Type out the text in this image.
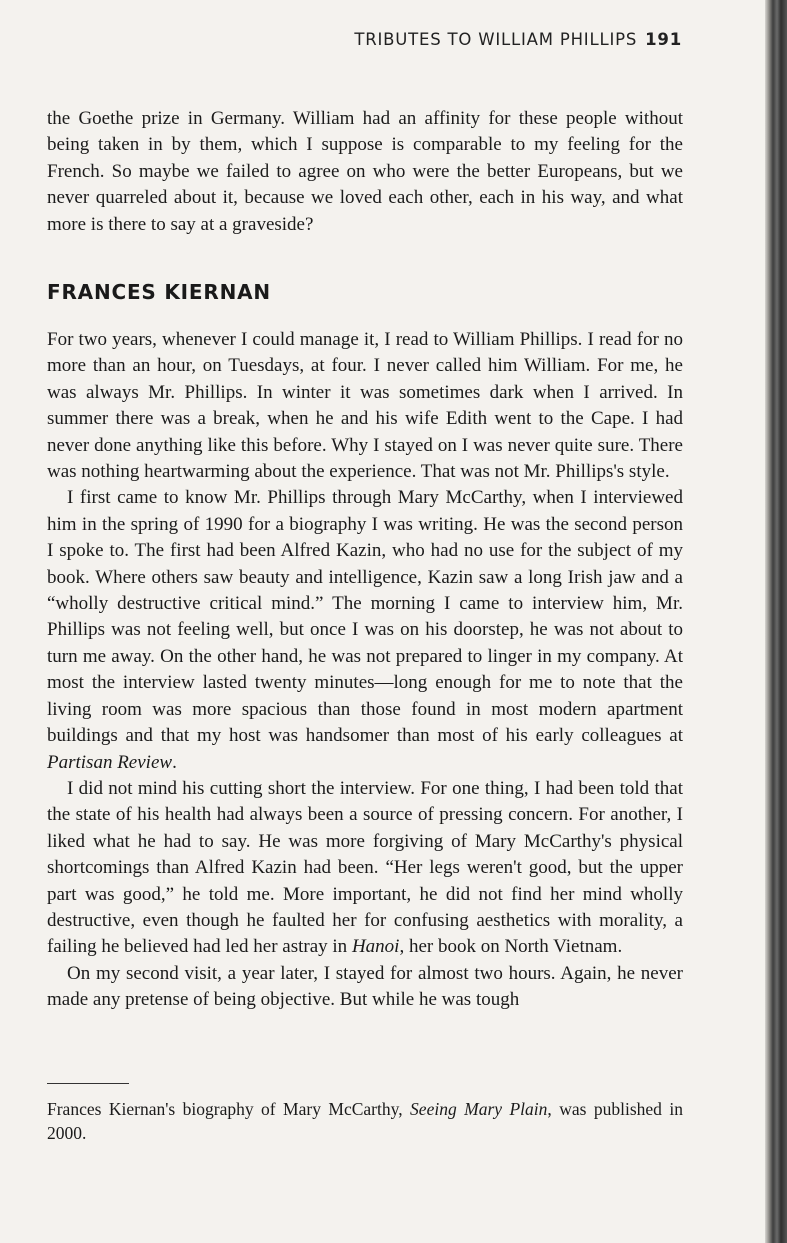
TRIBUTES TO WILLIAM PHILLIPS 191

the Goethe prize in Germany. William had an affinity for these people without being taken in by them, which I suppose is comparable to my feeling for the French. So maybe we failed to agree on who were the better Europeans, but we never quarreled about it, because we loved each other, each in his way, and what more is there to say at a graveside?

FRANCES KIERNAN

For two years, whenever I could manage it, I read to William Phillips. I read for no more than an hour, on Tuesdays, at four. I never called him William. For me, he was always Mr. Phillips. In winter it was sometimes dark when I arrived. In summer there was a break, when he and his wife Edith went to the Cape. I had never done anything like this before. Why I stayed on I was never quite sure. There was nothing heartwarming about the experience. That was not Mr. Phillips's style.

I first came to know Mr. Phillips through Mary McCarthy, when I interviewed him in the spring of 1990 for a biography I was writing. He was the second person I spoke to. The first had been Alfred Kazin, who had no use for the subject of my book. Where others saw beauty and intelligence, Kazin saw a long Irish jaw and a “wholly destructive critical mind.” The morning I came to interview him, Mr. Phillips was not feeling well, but once I was on his doorstep, he was not about to turn me away. On the other hand, he was not prepared to linger in my company. At most the interview lasted twenty minutes—long enough for me to note that the living room was more spacious than those found in most modern apartment buildings and that my host was handsomer than most of his early colleagues at Partisan Review.

I did not mind his cutting short the interview. For one thing, I had been told that the state of his health had always been a source of pressing concern. For another, I liked what he had to say. He was more forgiving of Mary McCarthy's physical shortcomings than Alfred Kazin had been. “Her legs weren't good, but the upper part was good,” he told me. More important, he did not find her mind wholly destructive, even though he faulted her for confusing aesthetics with morality, a failing he believed had led her astray in Hanoi, her book on North Vietnam.

On my second visit, a year later, I stayed for almost two hours. Again, he never made any pretense of being objective. But while he was tough

Frances Kiernan's biography of Mary McCarthy, Seeing Mary Plain, was published in 2000.
